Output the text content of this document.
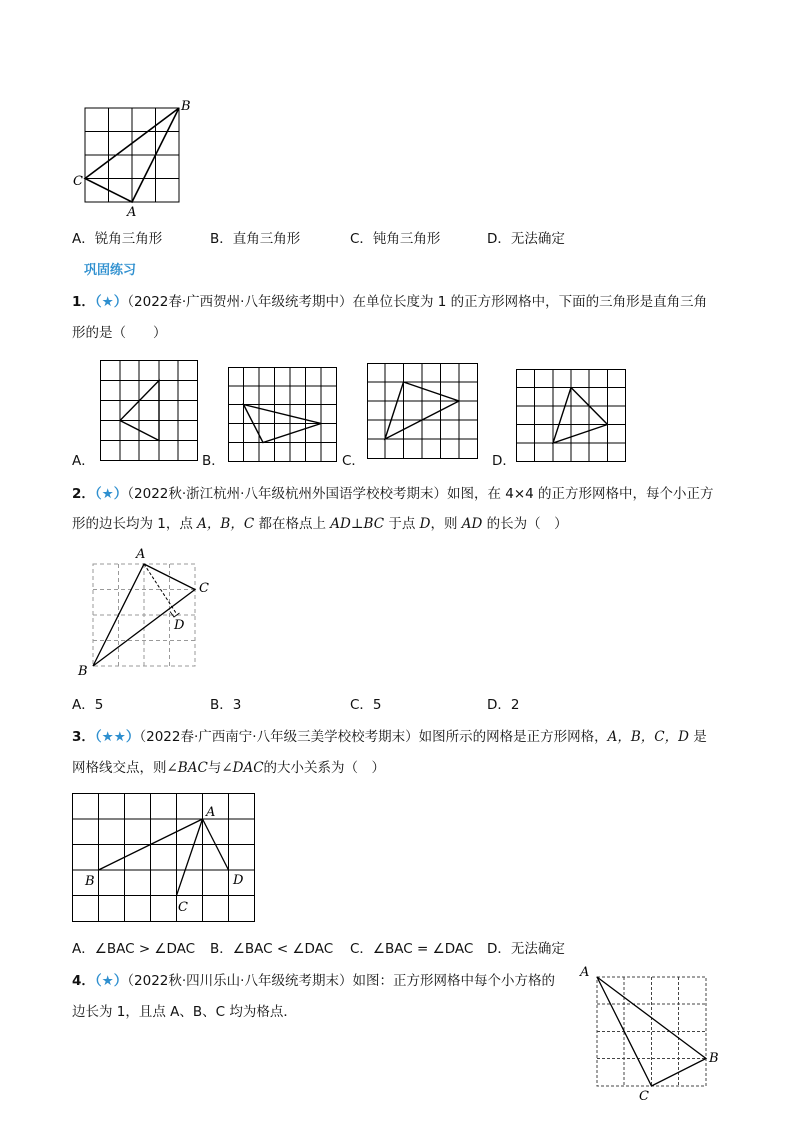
B
C
A
A．锐角三角形	B．直角三角形	C．钝角三角形	D．无法确定
巩固练习
1．（★）（2022春·广西贺州·八年级统考期中）在单位长度为 1 的正方形网格中，下面的三角形是直角三角
形的是（　　）
A．	B．	C．	D．
2．（★）（2022秋·浙江杭州·八年级杭州外国语学校校考期末）如图，在 4×4 的正方形网格中，每个小正方
形的边长均为 1，点 A，B，C 都在格点上 AD⊥BC 于点 D，则 AD 的长为（　）
A
C
D
B
A．5	B．3	C．5	D．2
3．（★★）（2022春·广西南宁·八年级三美学校校考期末）如图所示的网格是正方形网格，A，B，C，D 是
网格线交点，则∠BAC与∠DAC的大小关系为（　）
A
B	D
C
A．∠BAC > ∠DAC B．∠BAC < ∠DAC C．∠BAC = ∠DAC D．无法确定
4．（★）（2022秋·四川乐山·八年级统考期末）如图：正方形网格中每个小方格的
边长为 1，且点 A、B、C 均为格点．
A
B
C
